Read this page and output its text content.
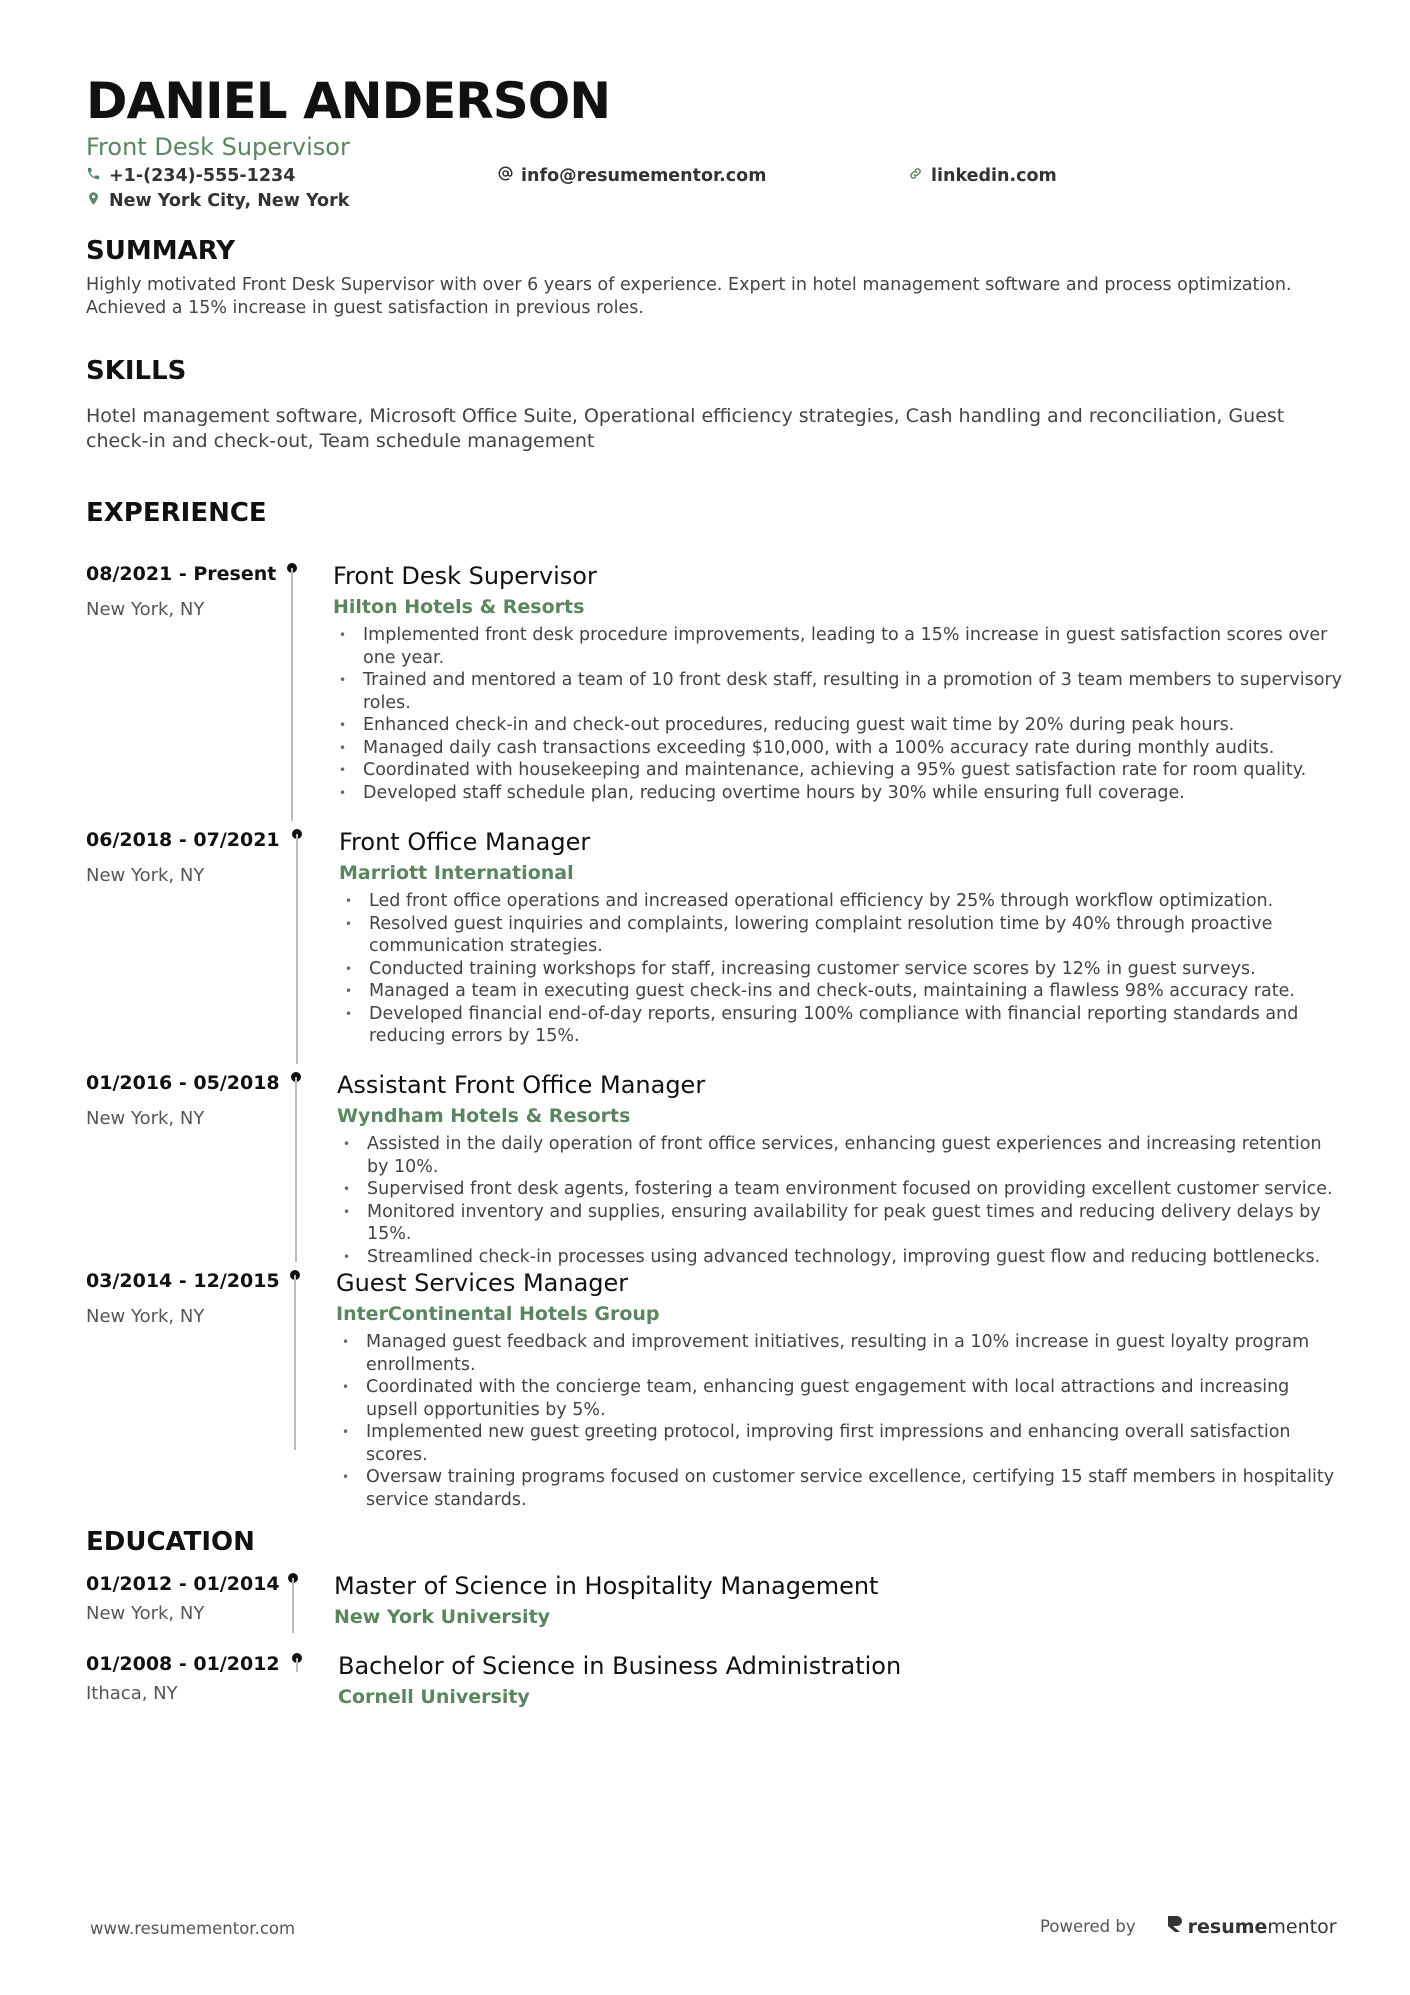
DANIEL ANDERSON
Front Desk Supervisor
+1-(234)-555-1234	info@resumementor.com	linkedin.com
New York City, New York
SUMMARY
Highly motivated Front Desk Supervisor with over 6 years of experience. Expert in hotel management software and process optimization. Achieved a 15% increase in guest satisfaction in previous roles.
SKILLS
Hotel management software, Microsoft Office Suite, Operational efficiency strategies, Cash handling and reconciliation, Guest check-in and check-out, Team schedule management
EXPERIENCE
08/2021 - Present
New York, NY
Front Desk Supervisor
Hilton Hotels & Resorts
• Implemented front desk procedure improvements, leading to a 15% increase in guest satisfaction scores over one year.
• Trained and mentored a team of 10 front desk staff, resulting in a promotion of 3 team members to supervisory roles.
• Enhanced check-in and check-out procedures, reducing guest wait time by 20% during peak hours.
• Managed daily cash transactions exceeding $10,000, with a 100% accuracy rate during monthly audits.
• Coordinated with housekeeping and maintenance, achieving a 95% guest satisfaction rate for room quality.
• Developed staff schedule plan, reducing overtime hours by 30% while ensuring full coverage.
06/2018 - 07/2021
New York, NY
Front Office Manager
Marriott International
• Led front office operations and increased operational efficiency by 25% through workflow optimization.
• Resolved guest inquiries and complaints, lowering complaint resolution time by 40% through proactive communication strategies.
• Conducted training workshops for staff, increasing customer service scores by 12% in guest surveys.
• Managed a team in executing guest check-ins and check-outs, maintaining a flawless 98% accuracy rate.
• Developed financial end-of-day reports, ensuring 100% compliance with financial reporting standards and reducing errors by 15%.
01/2016 - 05/2018
New York, NY
Assistant Front Office Manager
Wyndham Hotels & Resorts
• Assisted in the daily operation of front office services, enhancing guest experiences and increasing retention by 10%.
• Supervised front desk agents, fostering a team environment focused on providing excellent customer service.
• Monitored inventory and supplies, ensuring availability for peak guest times and reducing delivery delays by 15%.
• Streamlined check-in processes using advanced technology, improving guest flow and reducing bottlenecks.
03/2014 - 12/2015
New York, NY
Guest Services Manager
InterContinental Hotels Group
• Managed guest feedback and improvement initiatives, resulting in a 10% increase in guest loyalty program enrollments.
• Coordinated with the concierge team, enhancing guest engagement with local attractions and increasing upsell opportunities by 5%.
• Implemented new guest greeting protocol, improving first impressions and enhancing overall satisfaction scores.
• Oversaw training programs focused on customer service excellence, certifying 15 staff members in hospitality service standards.
EDUCATION
01/2012 - 01/2014
New York, NY
Master of Science in Hospitality Management
New York University
01/2008 - 01/2012
Ithaca, NY
Bachelor of Science in Business Administration
Cornell University
www.resumementor.com	Powered by	resumementor
